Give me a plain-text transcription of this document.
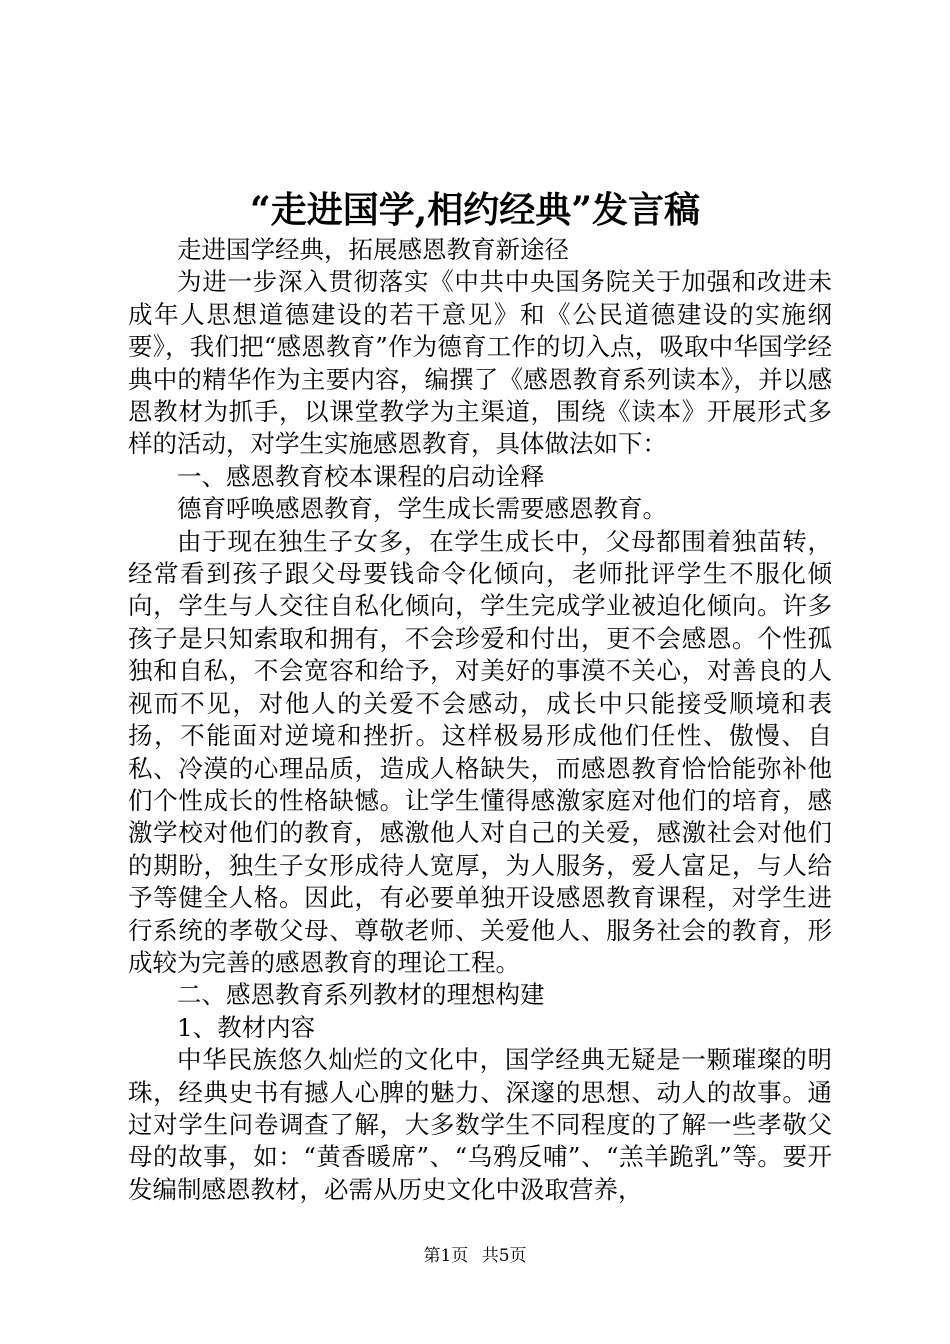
“走进国学,相约经典”发言稿

走进国学经典，拓展感恩教育新途径

为进一步深入贯彻落实《中共中央国务院关于加强和改进未成年人思想道德建设的若干意见》和《公民道德建设的实施纲要》，我们把“感恩教育”作为德育工作的切入点，吸取中华国学经典中的精华作为主要内容，编撰了《感恩教育系列读本》，并以感恩教材为抓手，以课堂教学为主渠道，围绕《读本》开展形式多样的活动，对学生实施感恩教育，具体做法如下：

一、感恩教育校本课程的启动诠释

德育呼唤感恩教育，学生成长需要感恩教育。

由于现在独生子女多，在学生成长中，父母都围着独苗转，经常看到孩子跟父母要钱命令化倾向，老师批评学生不服化倾向，学生与人交往自私化倾向，学生完成学业被迫化倾向。许多孩子是只知索取和拥有，不会珍爱和付出，更不会感恩。个性孤独和自私，不会宽容和给予，对美好的事漠不关心，对善良的人视而不见，对他人的关爱不会感动，成长中只能接受顺境和表扬，不能面对逆境和挫折。这样极易形成他们任性、傲慢、自私、冷漠的心理品质，造成人格缺失，而感恩教育恰恰能弥补他们个性成长的性格缺憾。让学生懂得感激家庭对他们的培育，感激学校对他们的教育，感激他人对自己的关爱，感激社会对他们的期盼，独生子女形成待人宽厚，为人服务，爱人富足，与人给予等健全人格。因此，有必要单独开设感恩教育课程，对学生进行系统的孝敬父母、尊敬老师、关爱他人、服务社会的教育，形成较为完善的感恩教育的理论工程。

二、感恩教育系列教材的理想构建

1、教材内容

中华民族悠久灿烂的文化中，国学经典无疑是一颗璀璨的明珠，经典史书有撼人心脾的魅力、深邃的思想、动人的故事。通过对学生问卷调查了解，大多数学生不同程度的了解一些孝敬父母的故事，如：“黄香暖席”、“乌鸦反哺”、“羔羊跪乳”等。要开发编制感恩教材，必需从历史文化中汲取营养，

第1页 共5页
